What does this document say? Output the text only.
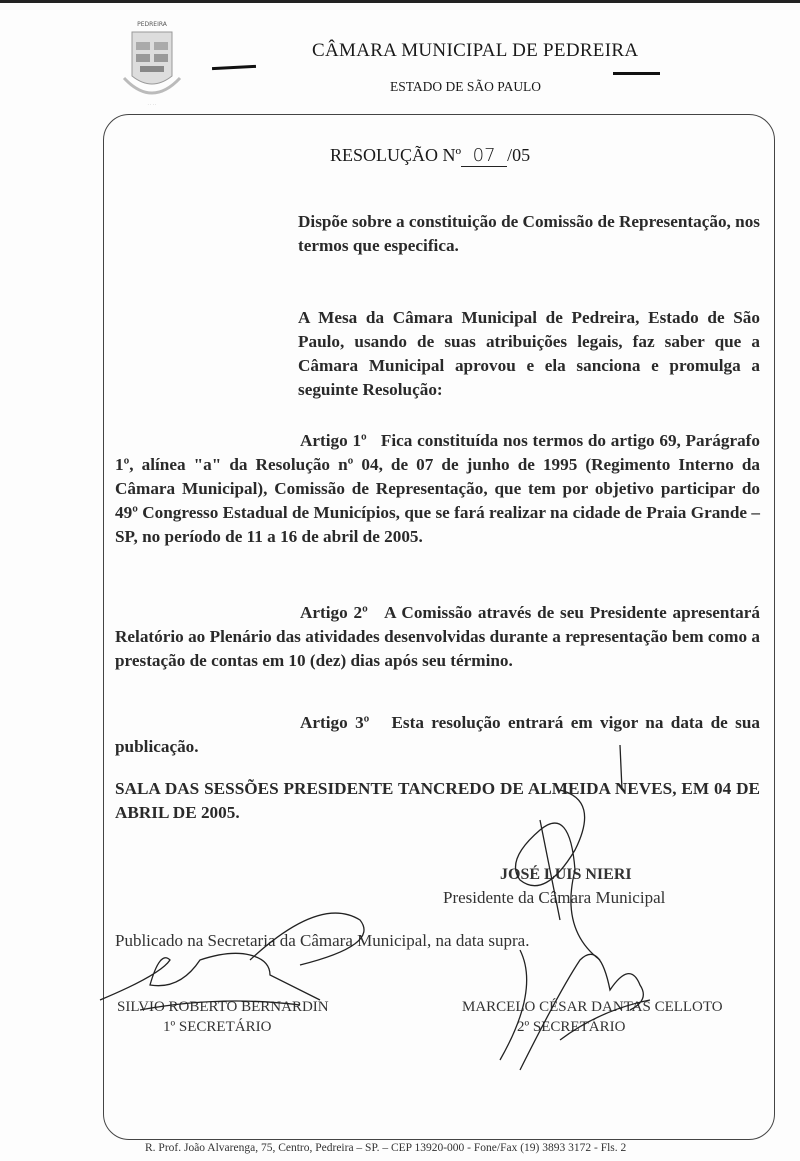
PEDREIRA
· · · ·
CÂMARA MUNICIPAL DE PEDREIRA
ESTADO DE SÃO PAULO
RESOLUÇÃO Nº 07 /05
Dispõe sobre a constituição de Comissão de Representação, nos termos que especifica.
A Mesa da Câmara Municipal de Pedreira, Estado de São Paulo, usando de suas atribuições legais, faz saber que a Câmara Municipal aprovou e ela sanciona e promulga a seguinte Resolução:
Artigo 1º Fica constituída nos termos do artigo 69, Parágrafo 1º, alínea "a" da Resolução nº 04, de 07 de junho de 1995 (Regimento Interno da Câmara Municipal), Comissão de Representação, que tem por objetivo participar do 49º Congresso Estadual de Municípios, que se fará realizar na cidade de Praia Grande – SP, no período de 11 a 16 de abril de 2005.
Artigo 2º A Comissão através de seu Presidente apresentará Relatório ao Plenário das atividades desenvolvidas durante a representação bem como a prestação de contas em 10 (dez) dias após seu término.
Artigo 3º Esta resolução entrará em vigor na data de sua publicação.
SALA DAS SESSÕES PRESIDENTE TANCREDO DE ALMEIDA NEVES, EM 04 DE ABRIL DE 2005.
JOSÉ LUIS NIERI
Presidente da Câmara Municipal
Publicado na Secretaria da Câmara Municipal, na data supra.
SILVIO ROBERTO BERNARDIN
1º SECRETÁRIO
MARCELO CÉSAR DANTAS CELLOTO
2º SECRETÁRIO
R. Prof. João Alvarenga, 75, Centro, Pedreira – SP. – CEP 13920-000 - Fone/Fax (19) 3893 3172 - Fls. 2
